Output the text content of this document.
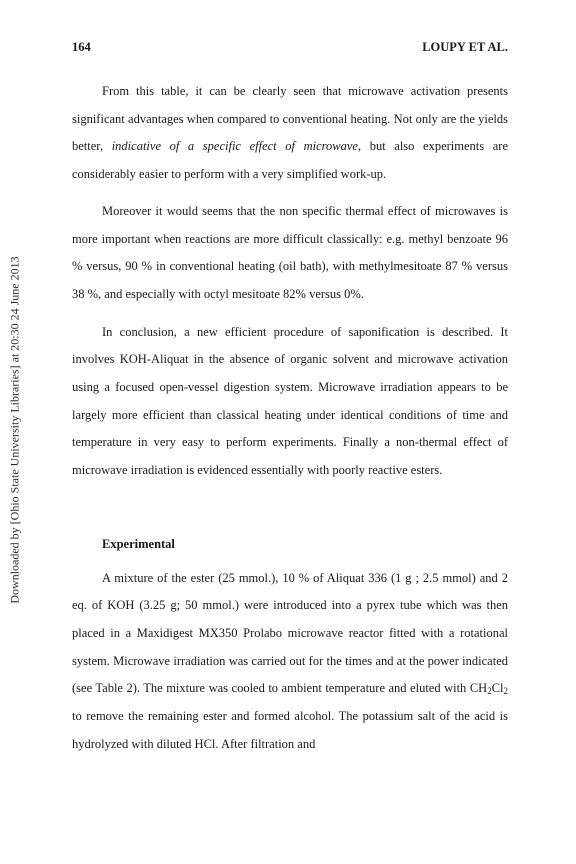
164	LOUPY ET AL.
Downloaded by [Ohio State University Libraries] at 20:30 24 June 2013

From this table, it can be clearly seen that microwave activation presents significant advantages when compared to conventional heating. Not only are the yields better, indicative of a specific effect of microwave, but also experiments are considerably easier to perform with a very simplified work-up.

Moreover it would seems that the non specific thermal effect of microwaves is more important when reactions are more difficult classically: e.g. methyl benzoate 96 % versus, 90 % in conventional heating (oil bath), with methylmesitoate 87 % versus 38 %, and especially with octyl mesitoate 82% versus 0%.

In conclusion, a new efficient procedure of saponification is described. It involves KOH-Aliquat in the absence of organic solvent and microwave activation using a focused open-vessel digestion system. Microwave irradiation appears to be largely more efficient than classical heating under identical conditions of time and temperature in very easy to perform experiments. Finally a non-thermal effect of microwave irradiation is evidenced essentially with poorly reactive esters.

Experimental

A mixture of the ester (25 mmol.), 10 % of Aliquat 336 (1 g ; 2.5 mmol) and 2 eq. of KOH (3.25 g; 50 mmol.) were introduced into a pyrex tube which was then placed in a Maxidigest MX350 Prolabo microwave reactor fitted with a rotational system. Microwave irradiation was carried out for the times and at the power indicated (see Table 2). The mixture was cooled to ambient temperature and eluted with $CH_2Cl_2$ to remove the remaining ester and formed alcohol. The potassium salt of the acid is hydrolyzed with diluted HCl. After filtration and
